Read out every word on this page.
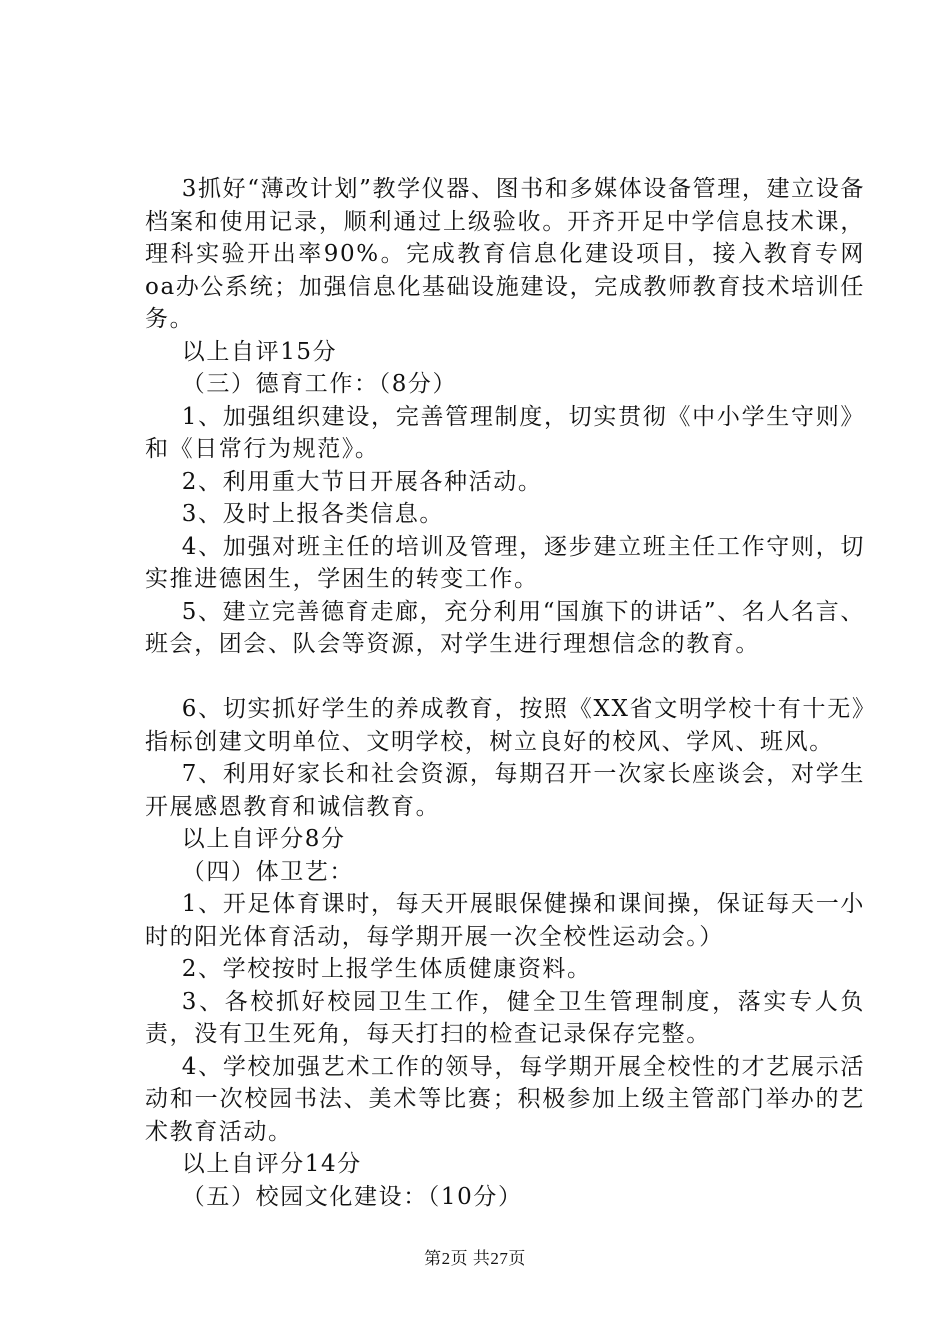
3抓好“薄改计划”教学仪器、图书和多媒体设备管理，建立设备档案和使用记录，顺利通过上级验收。开齐开足中学信息技术课，理科实验开出率90%。完成教育信息化建设项目，接入教育专网oa办公系统；加强信息化基础设施建设，完成教师教育技术培训任务。

以上自评15分

（三）德育工作：（8分）

1、加强组织建设，完善管理制度，切实贯彻《中小学生守则》和《日常行为规范》。

2、利用重大节日开展各种活动。

3、及时上报各类信息。

4、加强对班主任的培训及管理，逐步建立班主任工作守则，切实推进德困生，学困生的转变工作。

5、建立完善德育走廊，充分利用“国旗下的讲话”、名人名言、班会，团会、队会等资源，对学生进行理想信念的教育。

6、切实抓好学生的养成教育，按照《XX省文明学校十有十无》指标创建文明单位、文明学校，树立良好的校风、学风、班风。

7、利用好家长和社会资源，每期召开一次家长座谈会，对学生开展感恩教育和诚信教育。

以上自评分8分

（四）体卫艺：

1、开足体育课时，每天开展眼保健操和课间操，保证每天一小时的阳光体育活动，每学期开展一次全校性运动会。）

2、学校按时上报学生体质健康资料。

3、各校抓好校园卫生工作，健全卫生管理制度，落实专人负责，没有卫生死角，每天打扫的检查记录保存完整。

4、学校加强艺术工作的领导，每学期开展全校性的才艺展示活动和一次校园书法、美术等比赛；积极参加上级主管部门举办的艺术教育活动。

以上自评分14分

（五）校园文化建设：（10分）

第2页 共27页
